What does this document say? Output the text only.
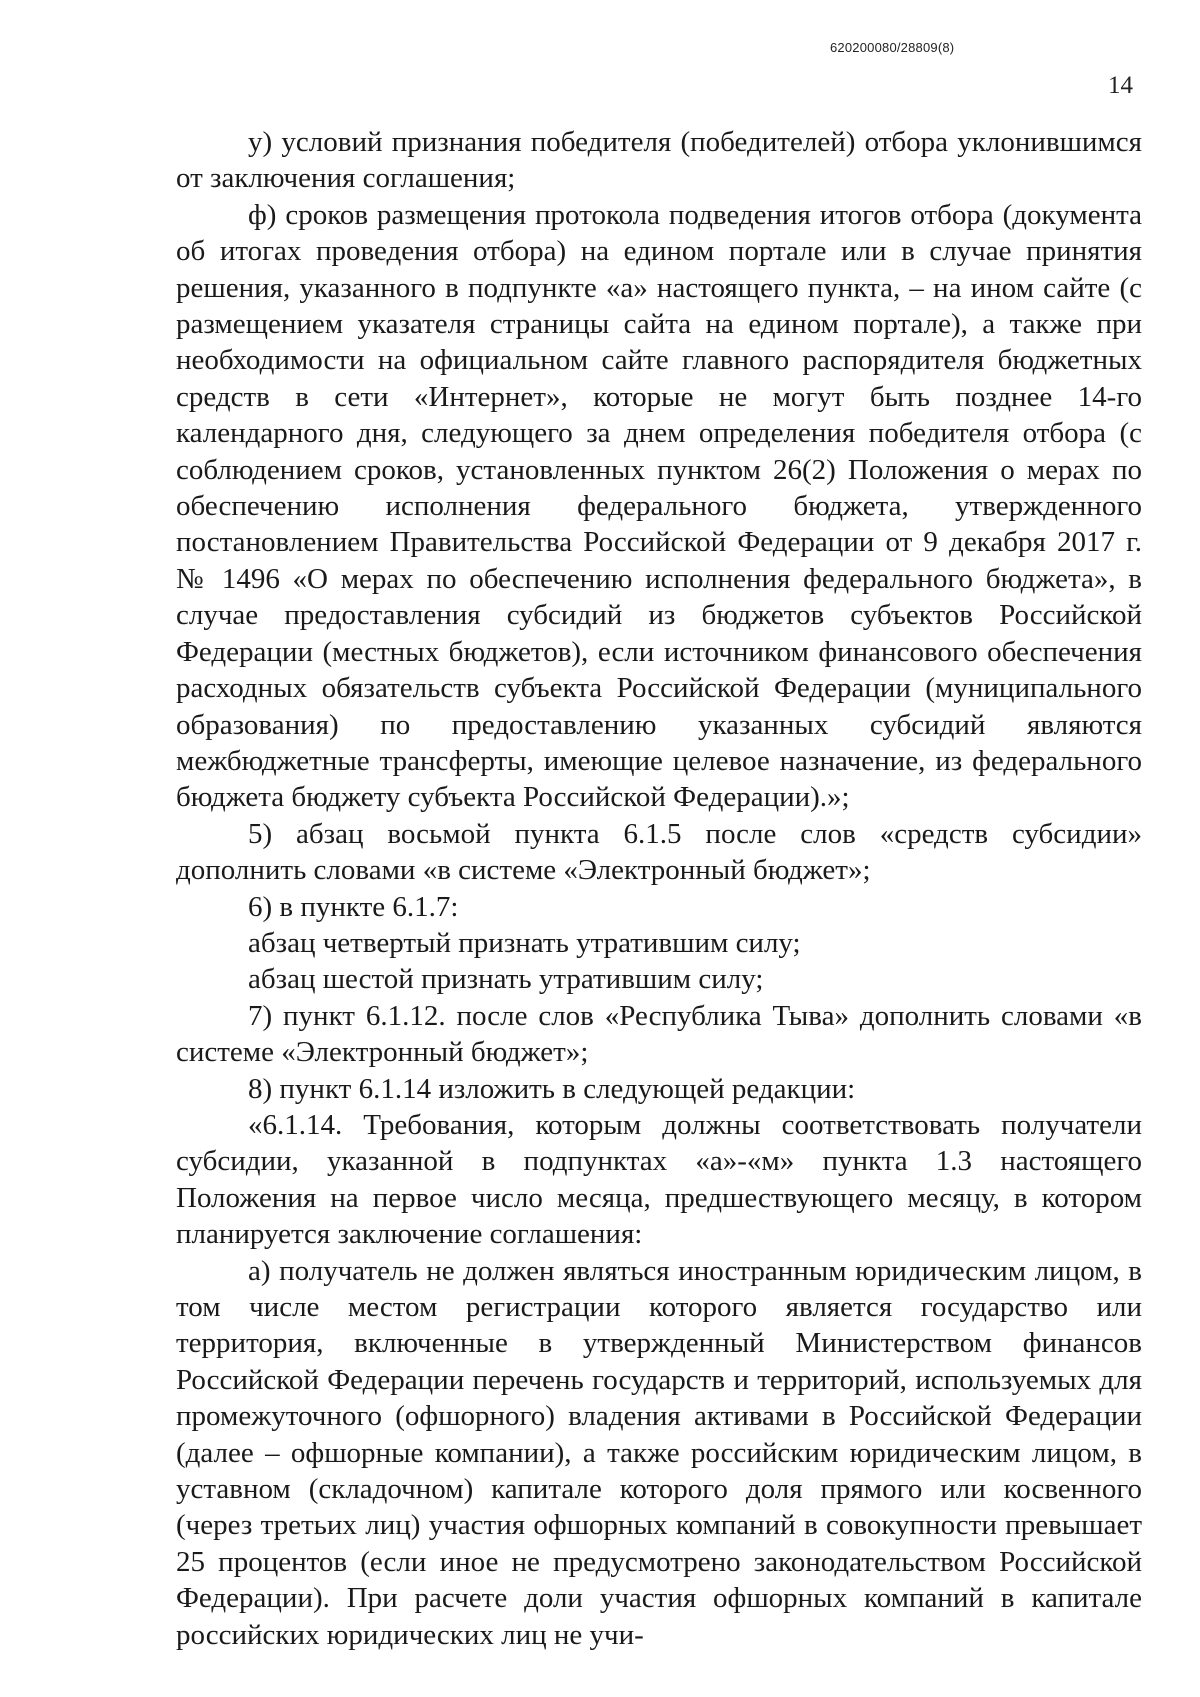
620200080/28809(8)
14

у) условий признания победителя (победителей) отбора уклонившимся от заключения соглашения;

ф) сроков размещения протокола подведения итогов отбора (документа об итогах проведения отбора) на едином портале или в случае принятия решения, указанного в подпункте «а» настоящего пункта, – на ином сайте (с размещением указателя страницы сайта на едином портале), а также при необходимости на официальном сайте главного распорядителя бюджетных средств в сети «Интернет», которые не могут быть позднее 14-го календарного дня, следующего за днем определения победителя отбора (с соблюдением сроков, установленных пунктом 26(2) Положения о мерах по обеспечению исполнения федерального бюджета, утвержденного постановлением Правительства Российской Федерации от 9 декабря 2017 г. № 1496 «О мерах по обеспечению исполнения федерального бюджета», в случае предоставления субсидий из бюджетов субъектов Российской Федерации (местных бюджетов), если источником финансового обеспечения расходных обязательств субъекта Российской Федерации (муниципального образования) по предоставлению указанных субсидий являются межбюджетные трансферты, имеющие целевое назначение, из федерального бюджета бюджету субъекта Российской Федерации).»;

5) абзац восьмой пункта 6.1.5 после слов «средств субсидии» дополнить словами «в системе «Электронный бюджет»;

6) в пункте 6.1.7:

абзац четвертый признать утратившим силу;

абзац шестой признать утратившим силу;

7) пункт 6.1.12. после слов «Республика Тыва» дополнить словами «в системе «Электронный бюджет»;

8) пункт 6.1.14 изложить в следующей редакции:

«6.1.14. Требования, которым должны соответствовать получатели субсидии, указанной в подпунктах «а»-«м» пункта 1.3 настоящего Положения на первое число месяца, предшествующего месяцу, в котором планируется заключение соглашения:

а) получатель не должен являться иностранным юридическим лицом, в том числе местом регистрации которого является государство или территория, включенные в утвержденный Министерством финансов Российской Федерации перечень государств и территорий, используемых для промежуточного (офшорного) владения активами в Российской Федерации (далее – офшорные компании), а также российским юридическим лицом, в уставном (складочном) капитале которого доля прямого или косвенного (через третьих лиц) участия офшорных компаний в совокупности превышает 25 процентов (если иное не предусмотрено законодательством Российской Федерации). При расчете доли участия офшорных компаний в капитале российских юридических лиц не учи-
